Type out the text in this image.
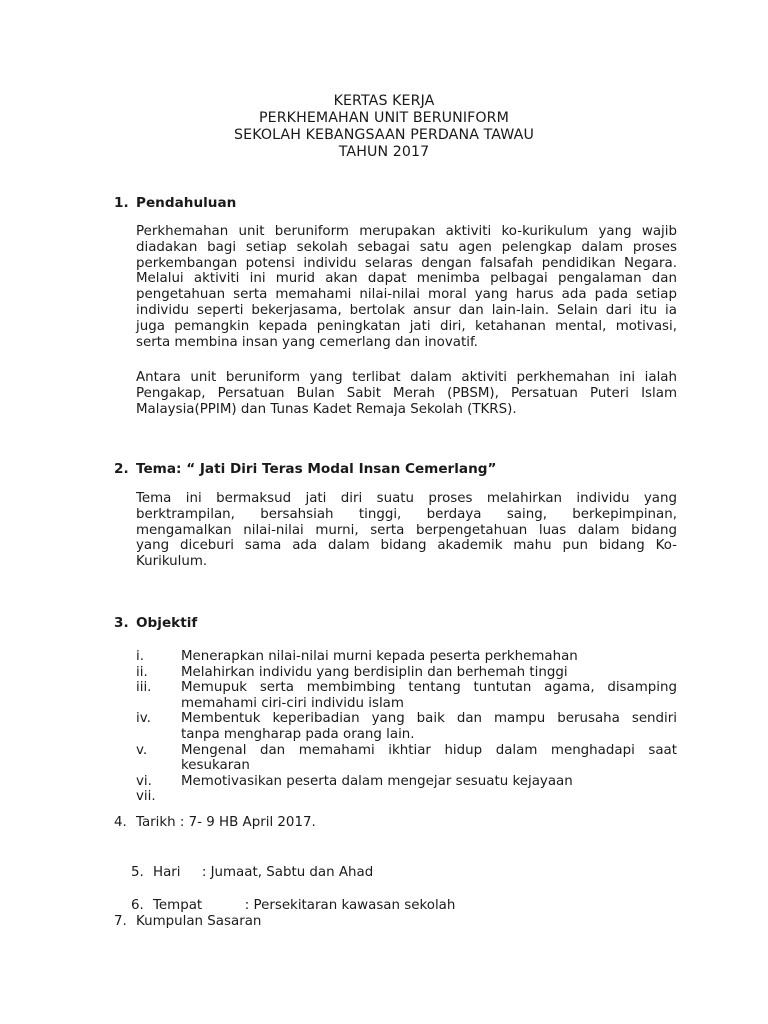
KERTAS KERJA
PERKHEMAHAN UNIT BERUNIFORM
SEKOLAH KEBANGSAAN PERDANA TAWAU
TAHUN 2017
1. Pendahuluan
Perkhemahan unit beruniform merupakan aktiviti ko-kurikulum yang wajib
diadakan bagi setiap sekolah sebagai satu agen pelengkap dalam proses
perkembangan potensi individu selaras dengan falsafah pendidikan Negara.
Melalui aktiviti ini murid akan dapat menimba pelbagai pengalaman dan
pengetahuan serta memahami nilai-nilai moral yang harus ada pada setiap
individu seperti bekerjasama, bertolak ansur dan lain-lain. Selain dari itu ia
juga pemangkin kepada peningkatan jati diri, ketahanan mental, motivasi,
serta membina insan yang cemerlang dan inovatif.
Antara unit beruniform yang terlibat dalam aktiviti perkhemahan ini ialah
Pengakap, Persatuan Bulan Sabit Merah (PBSM), Persatuan Puteri Islam
Malaysia(PPIM) dan Tunas Kadet Remaja Sekolah (TKRS).
2. Tema: “ Jati Diri Teras Modal Insan Cemerlang”
Tema ini bermaksud jati diri suatu proses melahirkan individu yang
berktrampilan, bersahsiah tinggi, berdaya saing, berkepimpinan,
mengamalkan nilai-nilai murni, serta berpengetahuan luas dalam bidang
yang diceburi sama ada dalam bidang akademik mahu pun bidang Ko-
Kurikulum.
3. Objektif
i.	Menerapkan nilai-nilai murni kepada peserta perkhemahan
ii. Melahirkan individu yang berdisiplin dan berhemah tinggi
iii. Memupuk serta membimbing tentang tuntutan agama, disamping
memahami ciri-ciri individu islam
iv. Membentuk keperibadian yang baik dan mampu berusaha sendiri
tanpa mengharap pada orang lain.
v.	Mengenal dan memahami ikhtiar hidup dalam menghadapi saat
kesukaran
vi. Memotivasikan peserta dalam mengejar sesuatu kejayaan
vii.
4. Tarikh : 7- 9 HB April 2017.

5. Hari     : Jumaat, Sabtu dan Ahad

6. Tempat          : Persekitaran kawasan sekolah

7. Kumpulan Sasaran
